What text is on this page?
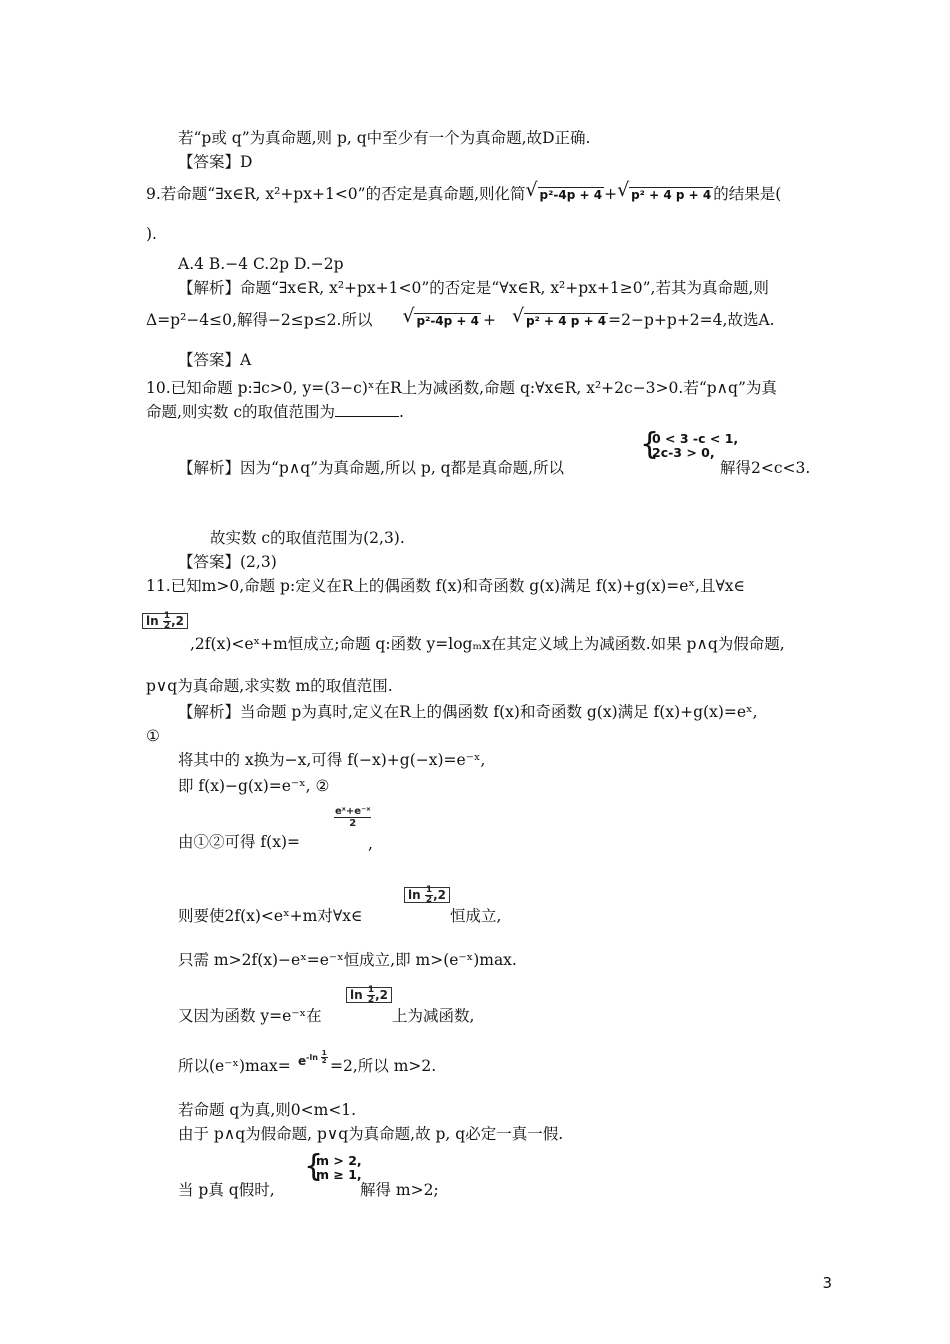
若“p或 q”为真命题,则 p, q中至少有一个为真命题,故D正确.
【答案】D
9.若命题“∃x∈R, x²+px+1<0”的否定是真命题,则化简 √ p²-4p + 4 + √ p² + 4 p + 4 的结果是(
).
A.4 B.−4 C.2p D.−2p
【解析】命题“∃x∈R, x²+px+1<0”的否定是“∀x∈R, x²+px+1≥0”,若其为真命题,则
Δ=p²−4≤0,解得−2≤p≤2.所以	√ p²-4p + 4 +	√ p² + 4 p + 4 =2−p+p+2=4,故选A.
【答案】A
10.已知命题 p:∃c>0, y=(3−c)ˣ在R上为减函数,命题 q:∀x∈R, x²+2c−3>0.若“p∧q”为真
命题,则实数 c的取值范围为	.
【解析】因为“p∧q”为真命题,所以 p, q都是真命题,所以
{
0 < 3 -c < 1,
2c-3 > 0,
解得2<c<3.
故实数 c的取值范围为(2,3).
【答案】(2,3)
11.已知m>0,命题 p:定义在R上的偶函数 f(x)和奇函数 g(x)满足 f(x)+g(x)=eˣ,且∀x∈
$\ln \frac{1}{2} ,2$
,2f(x)<eˣ+m恒成立;命题 q:函数 y=logₘx在其定义域上为减函数.如果 p∧q为假命题,
p∨q为真命题,求实数 m的取值范围.
【解析】当命题 p为真时,定义在R上的偶函数 f(x)和奇函数 g(x)满足 f(x)+g(x)=eˣ,
①
将其中的 x换为−x,可得 f(−x)+g(−x)=e⁻ˣ,
即 f(x)−g(x)=e⁻ˣ, ②
由①②可得 f(x)=
$\frac{\text{eˣ+e⁻ˣ}}{2}$
,
$\ln \frac{1}{2} ,2$
则要使2f(x)<eˣ+m对∀x∈	恒成立,
只需 m>2f(x)−eˣ=e⁻ˣ恒成立,即 m>(e⁻ˣ)max.
又因为函数 y=e⁻ˣ在
$\ln \frac{1}{2} ,2$
上为减函数,
所以(e⁻ˣ)max= $e^{-ln \frac{1}{2}} =2$,所以 m>2.
若命题 q为真,则0<m<1.
由于 p∧q为假命题, p∨q为真命题,故 p, q必定一真一假.
当 p真 q假时,
{
m > 2,
m ≥ 1,
解得 m>2;
3
